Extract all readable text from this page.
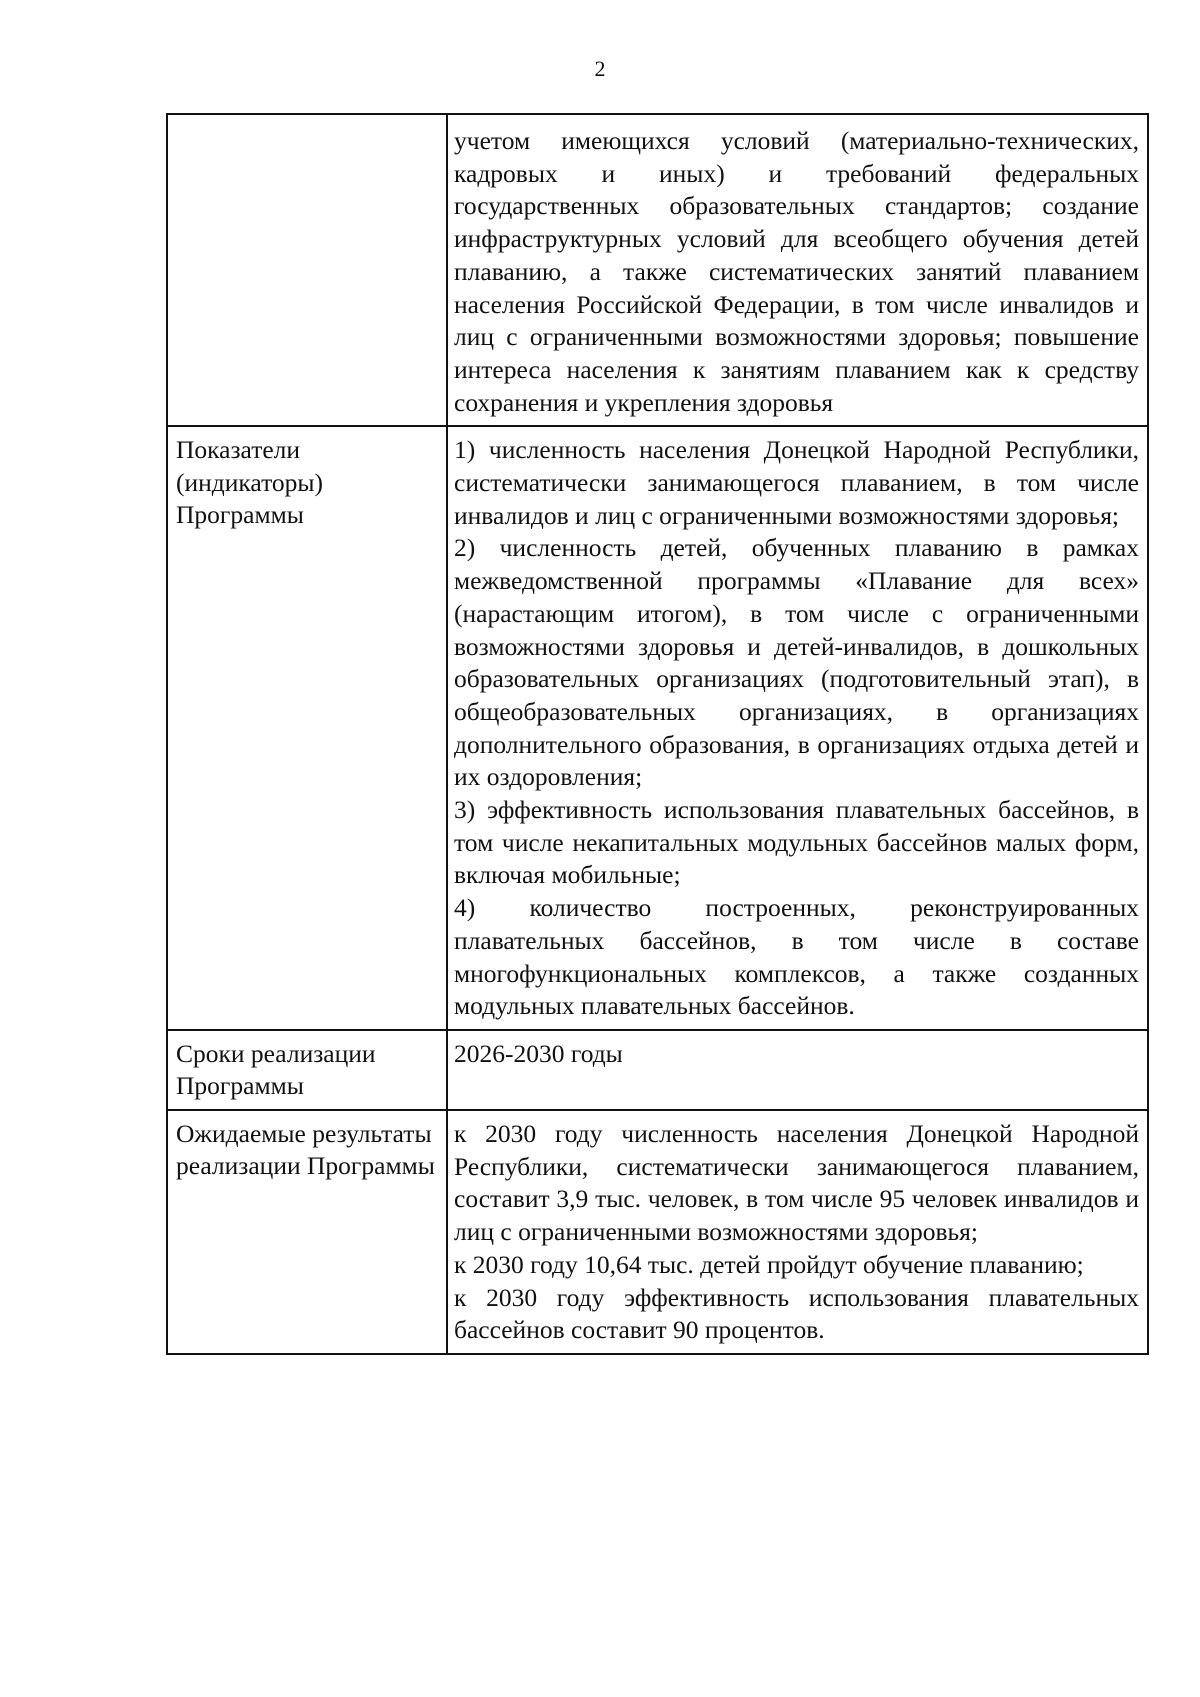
2

	учетом имеющихся условий (материально-технических, кадровых и иных) и требований федеральных государственных образовательных стандартов; создание инфраструктурных условий для всеобщего обучения детей плаванию, а также систематических занятий плаванием населения Российской Федерации, в том числе инвалидов и лиц с ограниченными возможностями здоровья; повышение интереса населения к занятиям плаванием как к средству сохранения и укрепления здоровья

Показатели (индикаторы) Программы	1) численность населения Донецкой Народной Республики, систематически занимающегося плаванием, в том числе инвалидов и лиц с ограниченными возможностями здоровья;

2) численность детей, обученных плаванию в рамках межведомственной программы «Плавание для всех» (нарастающим итогом), в том числе с ограниченными возможностями здоровья и детей-инвалидов, в дошкольных образовательных организациях (подготовительный этап), в общеобразовательных организациях, в организациях дополнительного образования, в организациях отдыха детей и их оздоровления;

3) эффективность использования плавательных бассейнов, в том числе некапитальных модульных бассейнов малых форм, включая мобильные;

4) количество построенных, реконструированных плавательных бассейнов, в том числе в составе многофункциональных комплексов, а также созданных модульных плавательных бассейнов.

Сроки реализации Программы	2026-2030 годы

Ожидаемые результаты реализации Программы	к 2030 году численность населения Донецкой Народной Республики, систематически занимающегося плаванием, составит 3,9 тыс. человек, в том числе 95 человек инвалидов и лиц с ограниченными возможностями здоровья;

к 2030 году 10,64 тыс. детей пройдут обучение плаванию;

к 2030 году эффективность использования плавательных бассейнов составит 90 процентов.
